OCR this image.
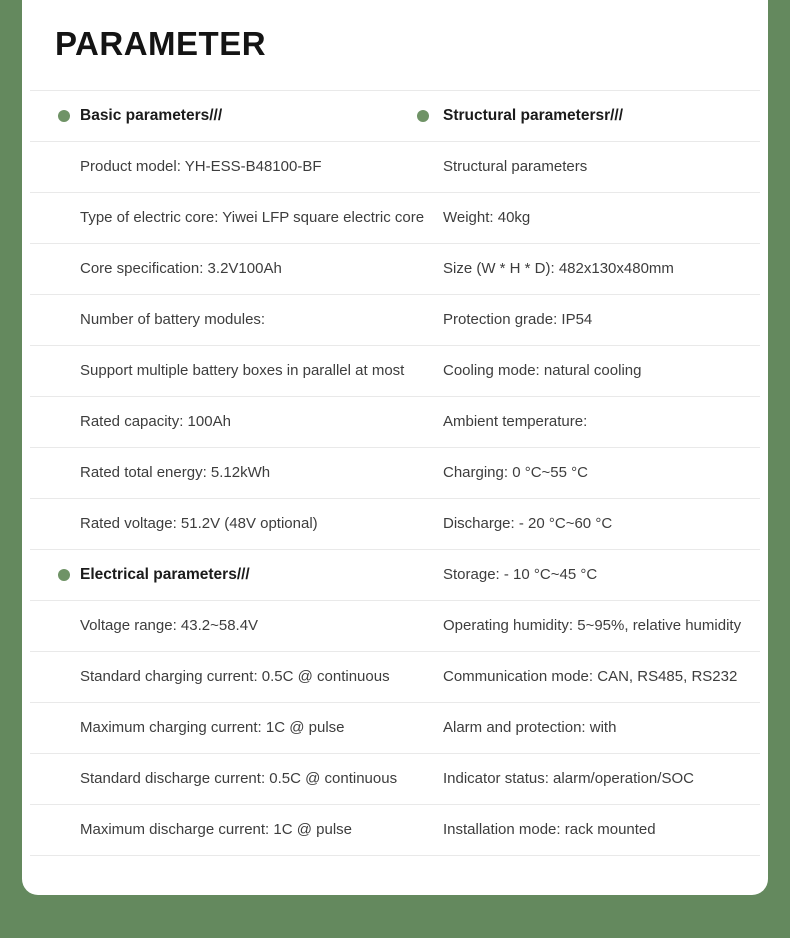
PARAMETER
Basic parameters///	Structural parametersr///
Product model: YH-ESS-B48100-BF	Structural parameters
Type of electric core: Yiwei LFP square electric core	Weight: 40kg
Core specification: 3.2V100Ah	Size (W * H * D): 482x130x480mm
Number of battery modules:	Protection grade: IP54
Support multiple battery boxes in parallel at most	Cooling mode: natural cooling
Rated capacity: 100Ah	Ambient temperature:
Rated total energy: 5.12kWh	Charging: 0 °C~55 °C
Rated voltage: 51.2V (48V optional)	Discharge: - 20 °C~60 °C
Electrical parameters///	Storage: - 10 °C~45 °C
Voltage range: 43.2~58.4V	Operating humidity: 5~95%, relative humidity
Standard charging current: 0.5C @ continuous	Communication mode: CAN, RS485, RS232
Maximum charging current: 1C @ pulse	Alarm and protection: with
Standard discharge current: 0.5C @ continuous	Indicator status: alarm/operation/SOC
Maximum discharge current: 1C @ pulse	Installation mode: rack mounted
